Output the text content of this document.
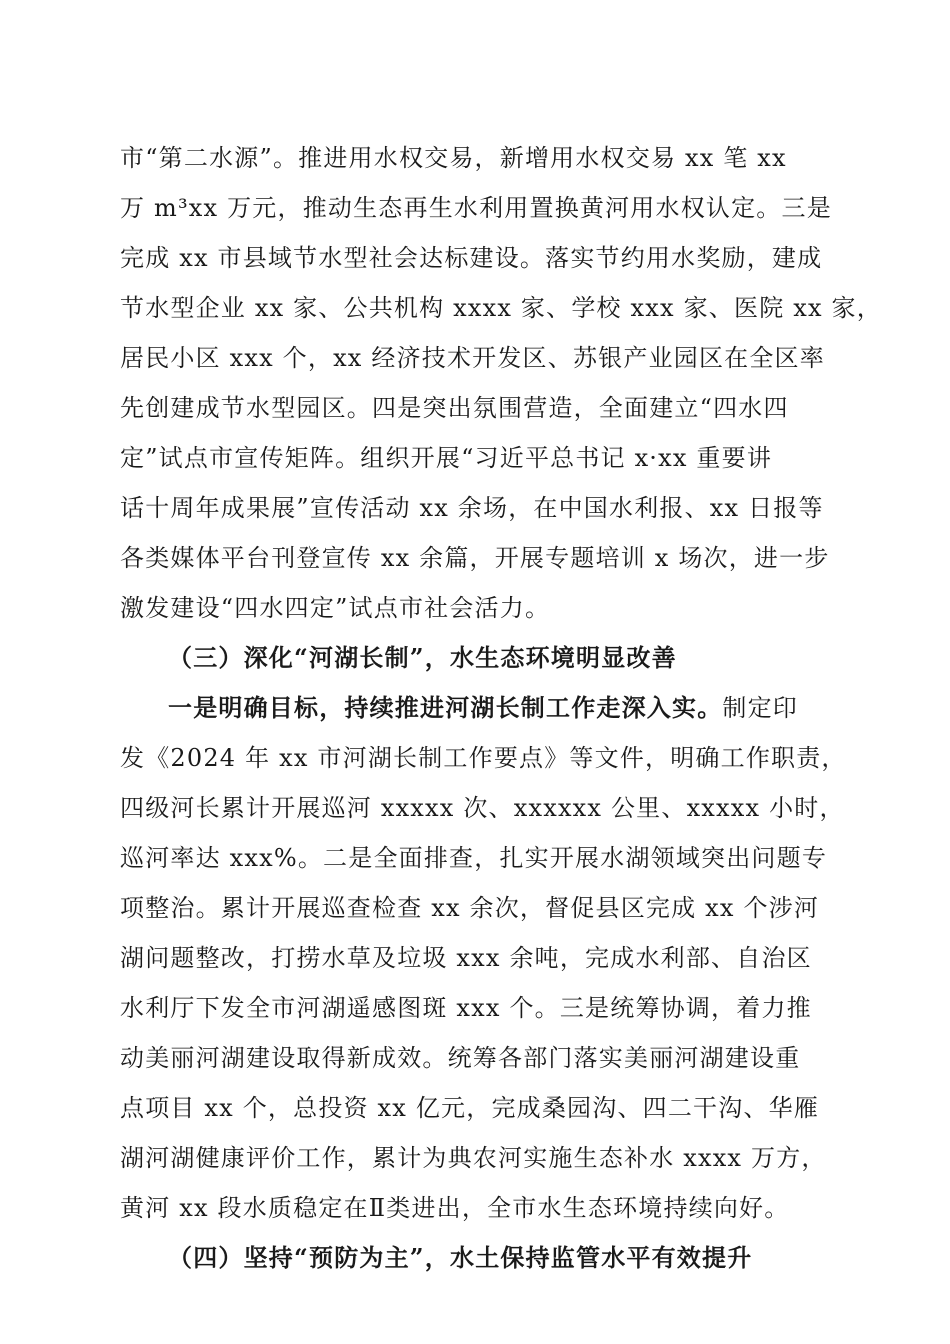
市“第二水源”。推进用水权交易，新增用水权交易 xx 笔 xx
万 m³xx 万元，推动生态再生水利用置换黄河用水权认定。三是
完成 xx 市县域节水型社会达标建设。落实节约用水奖励，建成
节水型企业 xx 家、公共机构 xxxx 家、学校 xxx 家、医院 xx 家，
居民小区 xxx 个，xx 经济技术开发区、苏银产业园区在全区率
先创建成节水型园区。四是突出氛围营造，全面建立“四水四
定”试点市宣传矩阵。组织开展“习近平总书记 x·xx 重要讲
话十周年成果展”宣传活动 xx 余场，在中国水利报、xx 日报等
各类媒体平台刊登宣传 xx 余篇，开展专题培训 x 场次，进一步
激发建设“四水四定”试点市社会活力。
（三）深化“河湖长制”，水生态环境明显改善
一是明确目标，持续推进河湖长制工作走深入实。制定印
发《2024 年 xx 市河湖长制工作要点》等文件，明确工作职责，
四级河长累计开展巡河 xxxxx 次、xxxxxx 公里、xxxxx 小时，
巡河率达 xxx%。二是全面排查，扎实开展水湖领域突出问题专
项整治。累计开展巡查检查 xx 余次，督促县区完成 xx 个涉河
湖问题整改，打捞水草及垃圾 xxx 余吨，完成水利部、自治区
水利厅下发全市河湖遥感图斑 xxx 个。三是统筹协调，着力推
动美丽河湖建设取得新成效。统筹各部门落实美丽河湖建设重
点项目 xx 个，总投资 xx 亿元，完成桑园沟、四二干沟、华雁
湖河湖健康评价工作，累计为典农河实施生态补水 xxxx 万方，
黄河 xx 段水质稳定在Ⅱ类进出，全市水生态环境持续向好。
（四）坚持“预防为主”，水土保持监管水平有效提升
